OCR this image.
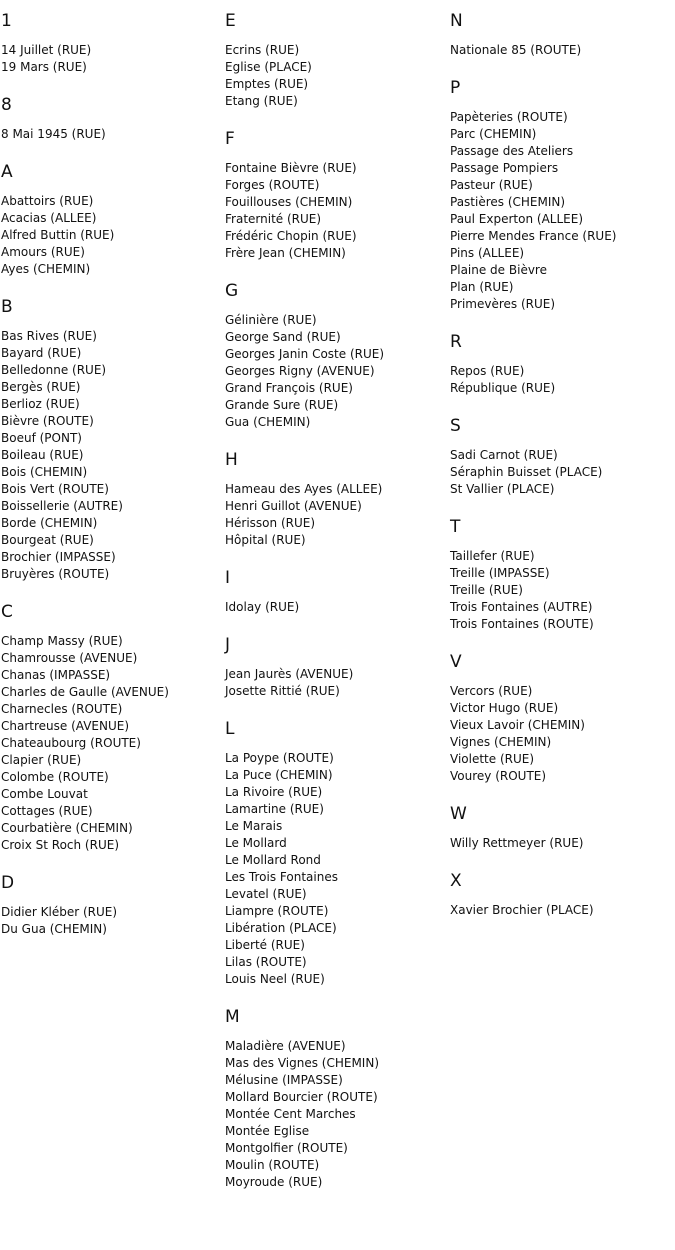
1
14 Juillet (RUE)
19 Mars (RUE)
8
8 Mai 1945 (RUE)
A
Abattoirs (RUE)
Acacias (ALLEE)
Alfred Buttin (RUE)
Amours (RUE)
Ayes (CHEMIN)
B
Bas Rives (RUE)
Bayard (RUE)
Belledonne (RUE)
Bergès (RUE)
Berlioz (RUE)
Bièvre (ROUTE)
Boeuf (PONT)
Boileau (RUE)
Bois (CHEMIN)
Bois Vert (ROUTE)
Boissellerie (AUTRE)
Borde (CHEMIN)
Bourgeat (RUE)
Brochier (IMPASSE)
Bruyères (ROUTE)
C
Champ Massy (RUE)
Chamrousse (AVENUE)
Chanas (IMPASSE)
Charles de Gaulle (AVENUE)
Charnecles (ROUTE)
Chartreuse (AVENUE)
Chateaubourg (ROUTE)
Clapier (RUE)
Colombe (ROUTE)
Combe Louvat
Cottages (RUE)
Courbatière (CHEMIN)
Croix St Roch (RUE)
D
Didier Kléber (RUE)
Du Gua (CHEMIN)
E
Ecrins (RUE)
Eglise (PLACE)
Emptes (RUE)
Etang (RUE)
F
Fontaine Bièvre (RUE)
Forges (ROUTE)
Fouillouses (CHEMIN)
Fraternité (RUE)
Frédéric Chopin (RUE)
Frère Jean (CHEMIN)
G
Gélinière (RUE)
George Sand (RUE)
Georges Janin Coste (RUE)
Georges Rigny (AVENUE)
Grand François (RUE)
Grande Sure (RUE)
Gua (CHEMIN)
H
Hameau des Ayes (ALLEE)
Henri Guillot (AVENUE)
Hérisson (RUE)
Hôpital (RUE)
I
Idolay (RUE)
J
Jean Jaurès (AVENUE)
Josette Rittié (RUE)
L
La Poype (ROUTE)
La Puce (CHEMIN)
La Rivoire (RUE)
Lamartine (RUE)
Le Marais
Le Mollard
Le Mollard Rond
Les Trois Fontaines
Levatel (RUE)
Liampre (ROUTE)
Libération (PLACE)
Liberté (RUE)
Lilas (ROUTE)
Louis Neel (RUE)
M
Maladière (AVENUE)
Mas des Vignes (CHEMIN)
Mélusine (IMPASSE)
Mollard Bourcier (ROUTE)
Montée Cent Marches
Montée Eglise
Montgolfier (ROUTE)
Moulin (ROUTE)
Moyroude (RUE)
N
Nationale 85 (ROUTE)
P
Papèteries (ROUTE)
Parc (CHEMIN)
Passage des Ateliers
Passage Pompiers
Pasteur (RUE)
Pastières (CHEMIN)
Paul Experton (ALLEE)
Pierre Mendes France (RUE)
Pins (ALLEE)
Plaine de Bièvre
Plan (RUE)
Primevères (RUE)
R
Repos (RUE)
République (RUE)
S
Sadi Carnot (RUE)
Séraphin Buisset (PLACE)
St Vallier (PLACE)
T
Taillefer (RUE)
Treille (IMPASSE)
Treille (RUE)
Trois Fontaines (AUTRE)
Trois Fontaines (ROUTE)
V
Vercors (RUE)
Victor Hugo (RUE)
Vieux Lavoir (CHEMIN)
Vignes (CHEMIN)
Violette (RUE)
Vourey (ROUTE)
W
Willy Rettmeyer (RUE)
X
Xavier Brochier (PLACE)
